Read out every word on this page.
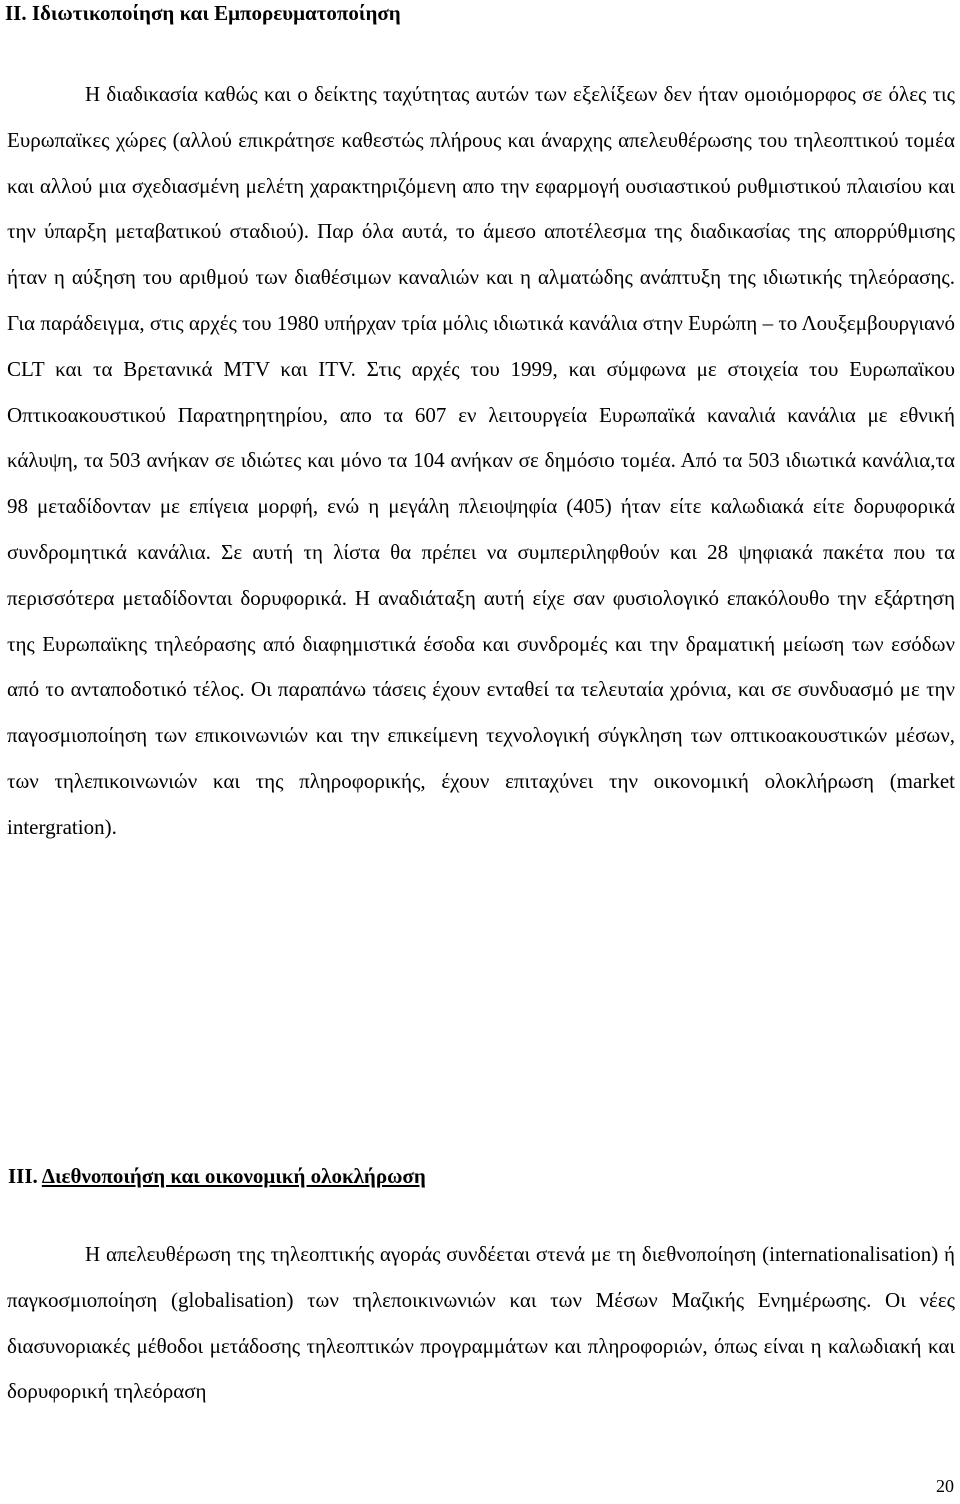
ΙΙ. Ιδιωτικοποίηση και Εμπορευματοποίηση

Η διαδικασία καθώς και ο δείκτης ταχύτητας αυτών των εξελίξεων δεν ήταν ομοιόμορφος σε όλες τις Ευρωπαϊκες χώρες (αλλού επικράτησε καθεστώς πλήρους και άναρχης απελευθέρωσης του τηλεοπτικού τομέα και αλλού μια σχεδιασμένη μελέτη χαρακτηριζόμενη απο την εφαρμογή ουσιαστικού ρυθμιστικού πλαισίου και την ύπαρξη μεταβατικού σταδιού). Παρ όλα αυτά, το άμεσο αποτέλεσμα της διαδικασίας της απορρύθμισης ήταν η αύξηση του αριθμού των διαθέσιμων καναλιών και η αλματώδης ανάπτυξη της ιδιωτικής τηλεόρασης. Για παράδειγμα, στις αρχές του 1980 υπήρχαν τρία μόλις ιδιωτικά κανάλια στην Ευρώπη – το Λουξεμβουργιανό CLT και τα Βρετανικά MTV και ITV. Στις αρχές του 1999, και σύμφωνα με στοιχεία του Ευρωπαϊκου Οπτικοακουστικού Παρατηρητηρίου, απο τα 607 εν λειτουργεία Ευρωπαϊκά καναλιά κανάλια με εθνική κάλυψη, τα 503 ανήκαν σε ιδιώτες και μόνο τα 104 ανήκαν σε δημόσιο τομέα. Από τα 503 ιδιωτικά κανάλια,τα 98 μεταδίδονταν με επίγεια μορφή, ενώ η μεγάλη πλειοψηφία (405) ήταν είτε καλωδιακά είτε δορυφορικά συνδρομητικά κανάλια. Σε αυτή τη λίστα θα πρέπει να συμπεριληφθούν και 28 ψηφιακά πακέτα που τα περισσότερα μεταδίδονται δορυφορικά. Η αναδιάταξη αυτή είχε σαν φυσιολογικό επακόλουθο την εξάρτηση της Ευρωπαϊκης τηλεόρασης από διαφημιστικά έσοδα και συνδρομές και την δραματική μείωση των εσόδων από το ανταποδοτικό τέλος. Οι παραπάνω τάσεις έχουν ενταθεί τα τελευταία χρόνια, και σε συνδυασμό με την παγοσμιοποίηση των επικοινωνιών και την επικείμενη τεχνολογική σύγκληση των οπτικοακουστικών μέσων, των τηλεπικοινωνιών και της πληροφορικής, έχουν επιταχύνει την οικονομική ολοκλήρωση (market intergration).

ΙΙΙ. Διεθνοποιήση και οικονομική ολοκλήρωση

Η απελευθέρωση της τηλεοπτικής αγοράς συνδέεται στενά με τη διεθνοποίηση (internationalisation) ή παγκοσμιοποίηση (globalisation) των τηλεποικινωνιών και των Μέσων Μαζικής Ενημέρωσης. Οι νέες διασυνοριακές μέθοδοι μετάδοσης τηλεοπτικών προγραμμάτων και πληροφοριών, όπως είναι η καλωδιακή και δορυφορική τηλεόραση

20
